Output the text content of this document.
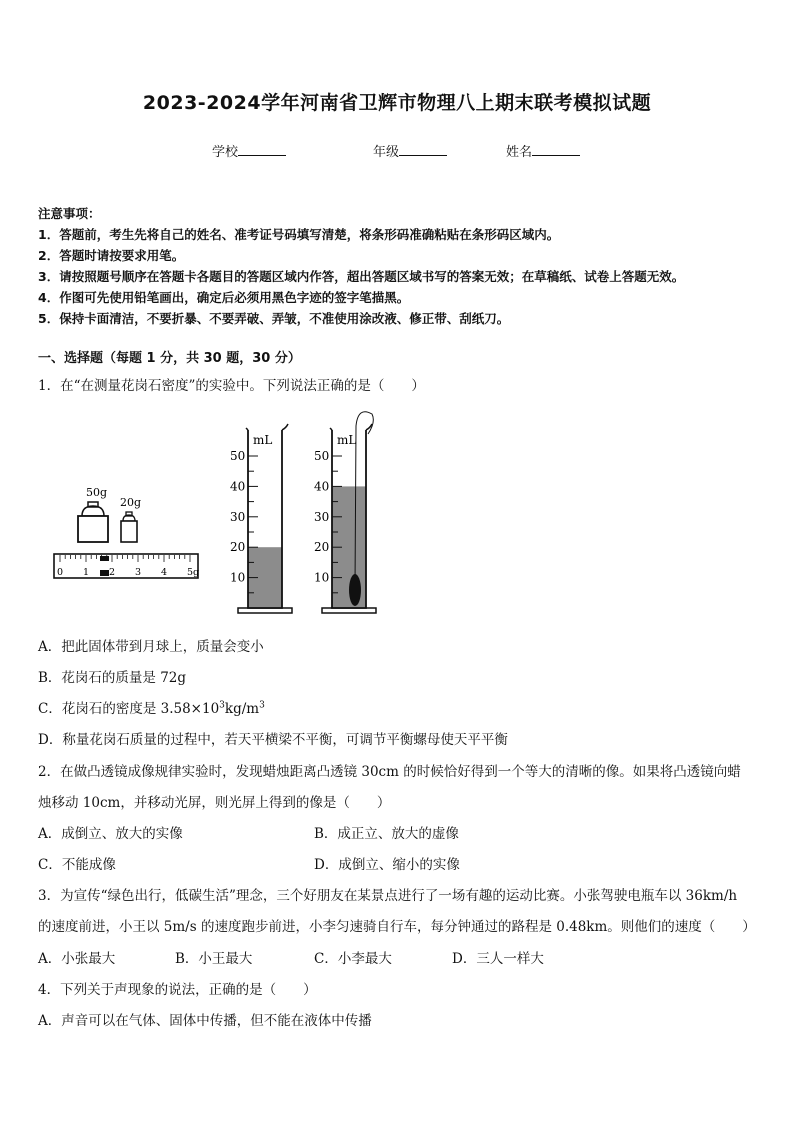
2023-2024学年河南省卫辉市物理八上期末联考模拟试题
学校	年级	姓名
注意事项：
1．答题前，考生先将自己的姓名、准考证号码填写清楚，将条形码准确粘贴在条形码区域内。
2．答题时请按要求用笔。
3．请按照题号顺序在答题卡各题目的答题区域内作答，超出答题区域书写的答案无效；在草稿纸、试卷上答题无效。
4．作图可先使用铅笔画出，确定后必须用黑色字迹的签字笔描黑。
5．保持卡面清洁，不要折暴、不要弄破、弄皱，不准使用涂改液、修正带、刮纸刀。
一、选择题（每题 1 分，共 30 题，30 分）
1．在“在测量花岗石密度”的实验中。下列说法正确的是（　　）
50g
20g
0 1 2 3 4 5g
mL
50
40
30
20
10
mL
50
40
30
20
10
A．把此固体带到月球上，质量会变小
B．花岗石的质量是 72g
C．花岗石的密度是 $3.58\times 10^3kg/m^3$
D．称量花岗石质量的过程中，若天平横梁不平衡，可调节平衡螺母使天平平衡
2．在做凸透镜成像规律实验时，发现蜡烛距离凸透镜 30cm 的时候恰好得到一个等大的清晰的像。如果将凸透镜向蜡
烛移动 10cm，并移动光屏，则光屏上得到的像是（　　）
A．成倒立、放大的实像	B．成正立、放大的虚像
C．不能成像	D．成倒立、缩小的实像
3．为宣传“绿色出行，低碳生活”理念，三个好朋友在某景点进行了一场有趣的运动比赛。小张驾驶电瓶车以 36km/h
的速度前进，小王以 5m/s 的速度跑步前进，小李匀速骑自行车，每分钟通过的路程是 0.48km。则他们的速度（　　）
A．小张最大	B．小王最大	C．小李最大	D．三人一样大
4．下列关于声现象的说法，正确的是（　　）
A．声音可以在气体、固体中传播，但不能在液体中传播
